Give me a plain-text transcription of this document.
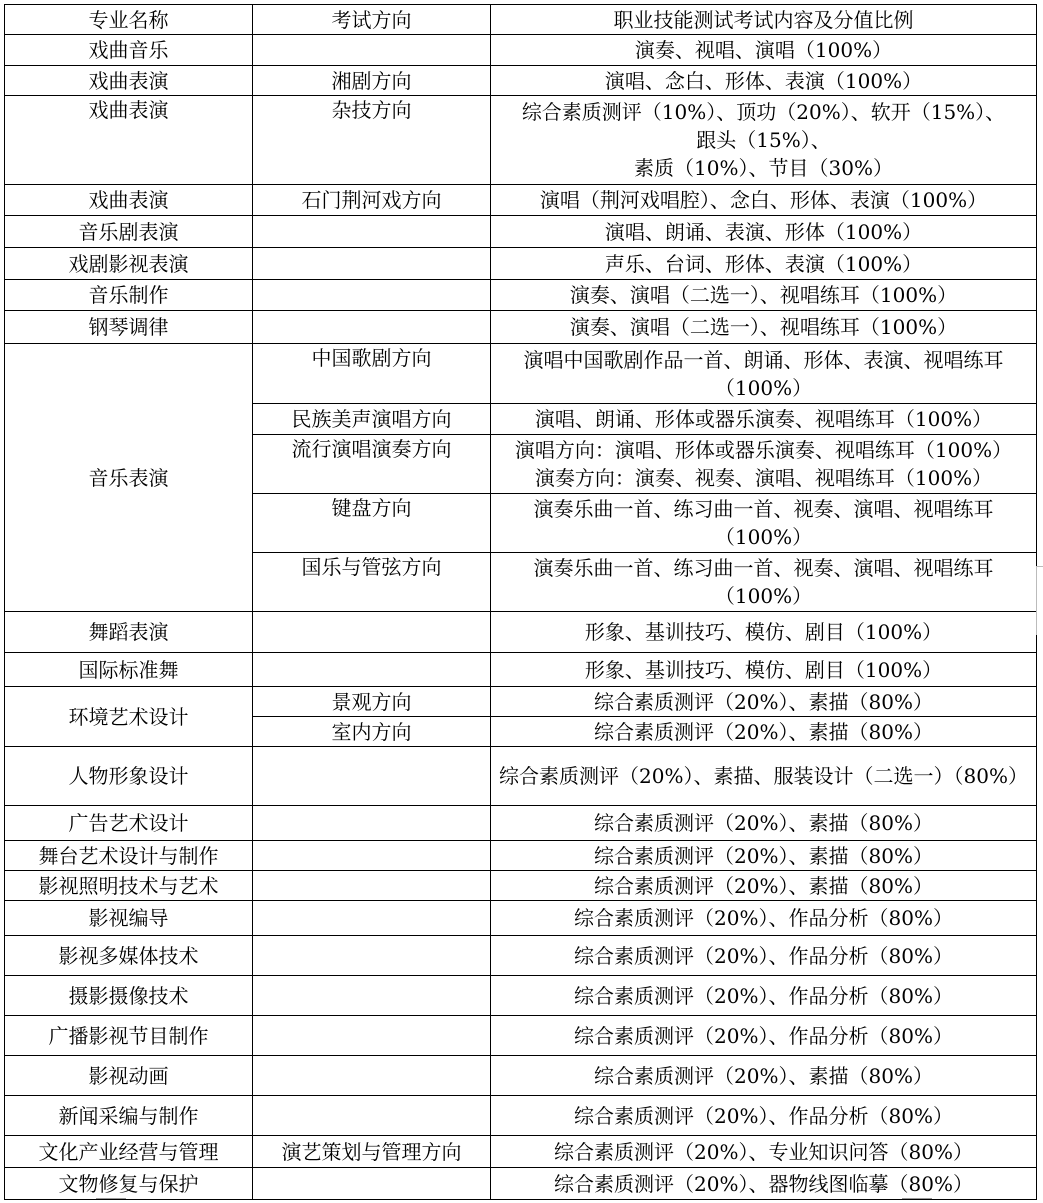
专业名称	考试方向	职业技能测试考试内容及分值比例
戏曲音乐		演奏、视唱、演唱（100%）
戏曲表演	湘剧方向	演唱、念白、形体、表演（100%）
戏曲表演	杂技方向	综合素质测评（10%）、顶功（20%）、软开（15%）、
跟头（15%）、
素质（10%）、节目（30%）

戏曲表演	石门荆河戏方向	演唱（荆河戏唱腔）、念白、形体、表演（100%）
音乐剧表演		演唱、朗诵、表演、形体（100%）
戏剧影视表演		声乐、台词、形体、表演（100%）
音乐制作		演奏、演唱（二选一）、视唱练耳（100%）
钢琴调律		演奏、演唱（二选一）、视唱练耳（100%）
音乐表演	中国歌剧方向	演唱中国歌剧作品一首、朗诵、形体、表演、视唱练耳（100%）
	民族美声演唱方向	演唱、朗诵、形体或器乐演奏、视唱练耳（100%）
	流行演唱演奏方向	演唱方向：演唱、形体或器乐演奏、视唱练耳（100%）
演奏方向：演奏、视奏、演唱、视唱练耳（100%）

	键盘方向	演奏乐曲一首、练习曲一首、视奏、演唱、视唱练耳（100%）
	国乐与管弦方向	演奏乐曲一首、练习曲一首、视奏、演唱、视唱练耳（100%）
舞蹈表演		形象、基训技巧、模仿、剧目（100%）
国际标准舞		形象、基训技巧、模仿、剧目（100%）
环境艺术设计	景观方向	综合素质测评（20%）、素描（80%）
	室内方向	综合素质测评（20%）、素描（80%）
人物形象设计		综合素质测评（20%）、素描、服装设计（二选一）（80%）
广告艺术设计		综合素质测评（20%）、素描（80%）
舞台艺术设计与制作		综合素质测评（20%）、素描（80%）
影视照明技术与艺术		综合素质测评（20%）、素描（80%）
影视编导		综合素质测评（20%）、作品分析（80%）
影视多媒体技术		综合素质测评（20%）、作品分析（80%）
摄影摄像技术		综合素质测评（20%）、作品分析（80%）
广播影视节目制作		综合素质测评（20%）、作品分析（80%）
影视动画		综合素质测评（20%）、素描（80%）
新闻采编与制作		综合素质测评（20%）、作品分析（80%）
文化产业经营与管理	演艺策划与管理方向	综合素质测评（20%）、专业知识问答（80%）
文物修复与保护		综合素质测评（20%）、器物线图临摹（80%）
